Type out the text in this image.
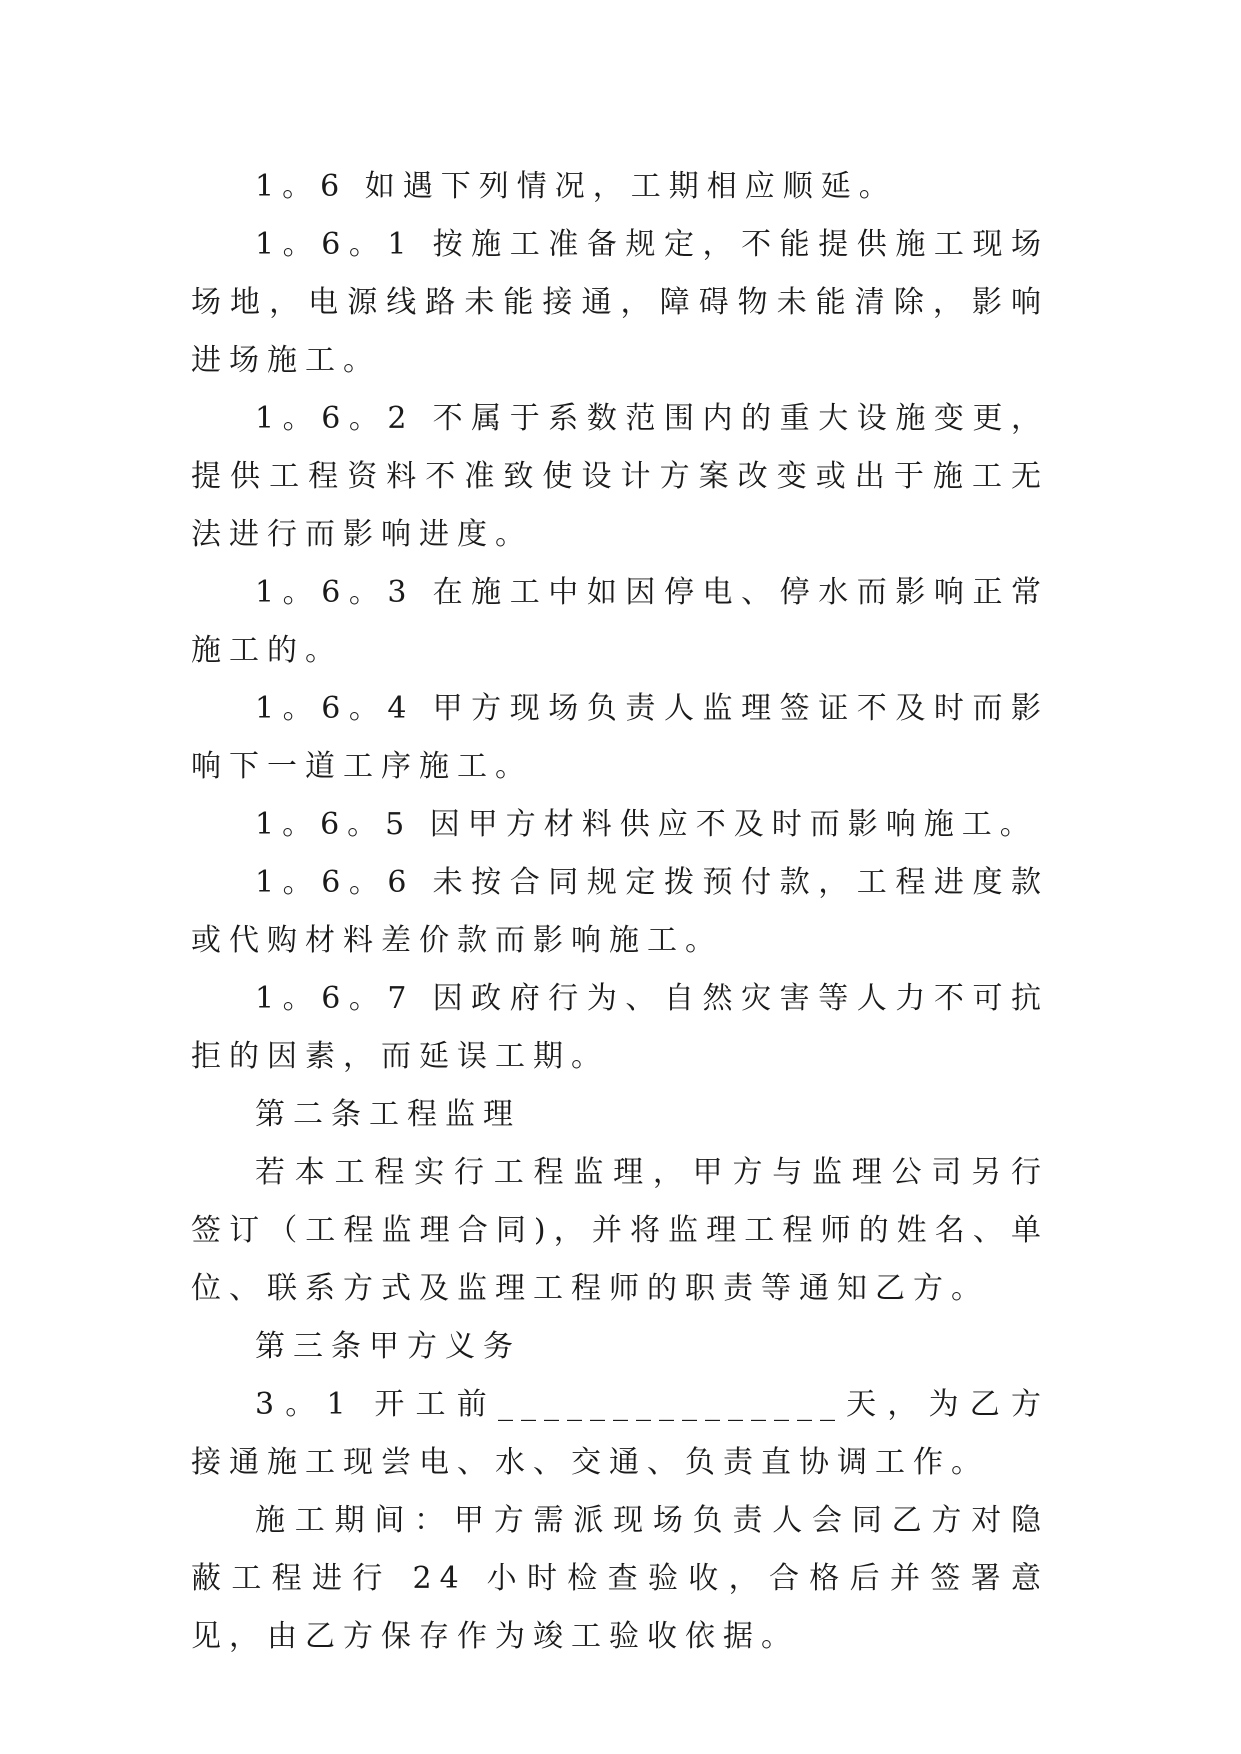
1。6 如遇下列情况，工期相应顺延。

1。6。1 按施工准备规定，不能提供施工现场场地，电源线路未能接通，障碍物未能清除，影响进场施工。

1。6。2 不属于系数范围内的重大设施变更，提供工程资料不准致使设计方案改变或出于施工无法进行而影响进度。

1。6。3 在施工中如因停电、停水而影响正常施工的。

1。6。4 甲方现场负责人监理签证不及时而影响下一道工序施工。

1。6。5 因甲方材料供应不及时而影响施工。

1。6。6 未按合同规定拨预付款，工程进度款或代购材料差价款而影响施工。

1。6。7 因政府行为、自然灾害等人力不可抗拒的因素，而延误工期。

第二条工程监理

若本工程实行工程监理，甲方与监理公司另行签订（工程监理合同)，并将监理工程师的姓名、单位、联系方式及监理工程师的职责等通知乙方。

第三条甲方义务

3。1 开工前_______________天，为乙方接通施工现尝电、水、交通、负责直协调工作。

施工期间：甲方需派现场负责人会同乙方对隐蔽工程进行 24 小时检查验收，合格后并签署意见，由乙方保存作为竣工验收依据。
